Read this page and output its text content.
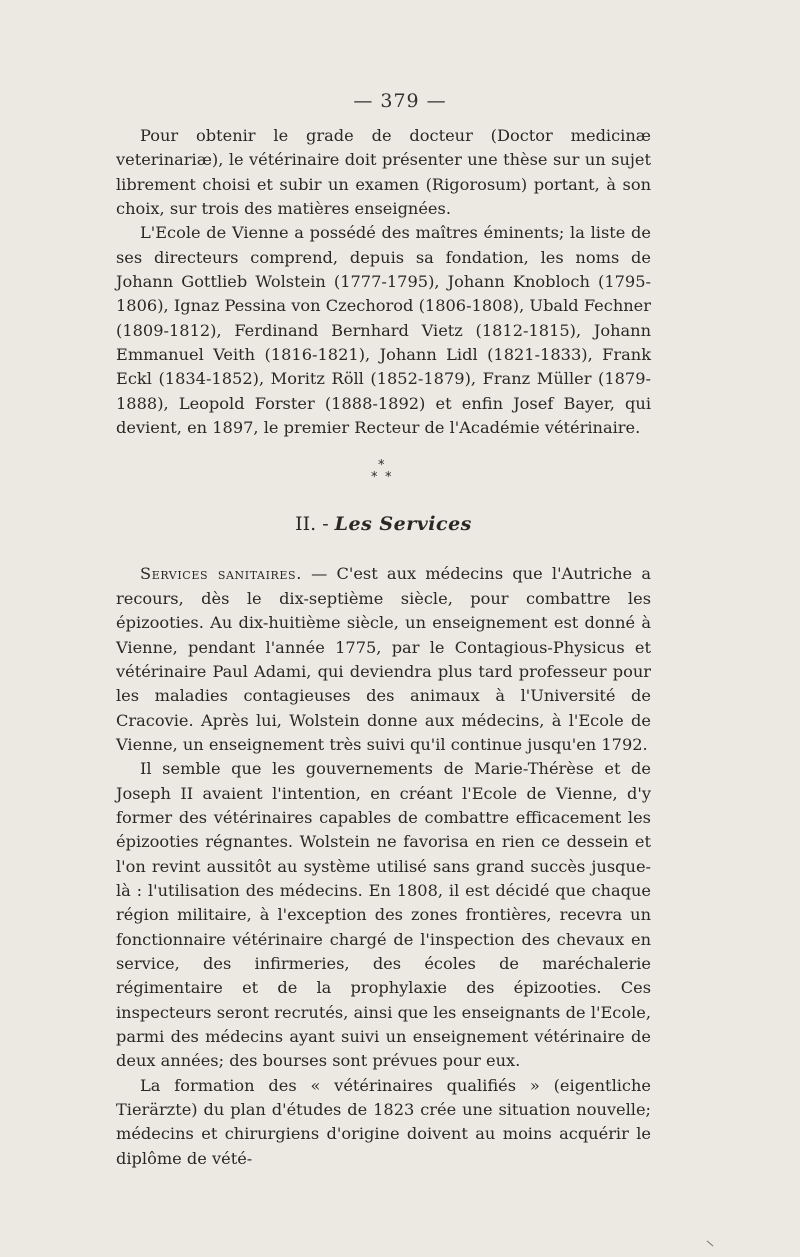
— 379 —

Pour obtenir le grade de docteur (Doctor medicinæ veterinariæ), le vétérinaire doit présenter une thèse sur un sujet librement choisi et subir un examen (Rigorosum) portant, à son choix, sur trois des matières enseignées.

L'Ecole de Vienne a possédé des maîtres éminents; la liste de ses directeurs comprend, depuis sa fondation, les noms de Johann Gottlieb Wolstein (1777-1795), Johann Knobloch (1795-1806), Ignaz Pessina von Czechorod (1806-1808), Ubald Fechner (1809-1812), Ferdinand Bernhard Vietz (1812-1815), Johann Emmanuel Veith (1816-1821), Johann Lidl (1821-1833), Frank Eckl (1834-1852), Moritz Röll (1852-1879), Franz Müller (1879-1888), Leopold Forster (1888-1892) et enfin Josef Bayer, qui devient, en 1897, le premier Recteur de l'Académie vétérinaire.

*
* *
II. - Les Services

Services sanitaires. — C'est aux médecins que l'Autriche a recours, dès le dix-septième siècle, pour combattre les épizooties. Au dix-huitième siècle, un enseignement est donné à Vienne, pendant l'année 1775, par le Contagious-Physicus et vétérinaire Paul Adami, qui deviendra plus tard professeur pour les maladies contagieuses des animaux à l'Université de Cracovie. Après lui, Wolstein donne aux médecins, à l'Ecole de Vienne, un enseignement très suivi qu'il continue jusqu'en 1792.

Il semble que les gouvernements de Marie-Thérèse et de Joseph II avaient l'intention, en créant l'Ecole de Vienne, d'y former des vétérinaires capables de combattre efficacement les épizooties régnantes. Wolstein ne favorisa en rien ce dessein et l'on revint aussitôt au système utilisé sans grand succès jusque-là : l'utilisation des médecins. En 1808, il est décidé que chaque région militaire, à l'exception des zones frontières, recevra un fonctionnaire vétérinaire chargé de l'inspection des chevaux en service, des infirmeries, des écoles de maréchalerie régimentaire et de la prophylaxie des épizooties. Ces inspecteurs seront recrutés, ainsi que les enseignants de l'Ecole, parmi des médecins ayant suivi un enseignement vétérinaire de deux années; des bourses sont prévues pour eux.

La formation des « vétérinaires qualifiés » (eigentliche Tierärzte) du plan d'études de 1823 crée une situation nouvelle; médecins et chirurgiens d'origine doivent au moins acquérir le diplôme de vété-
